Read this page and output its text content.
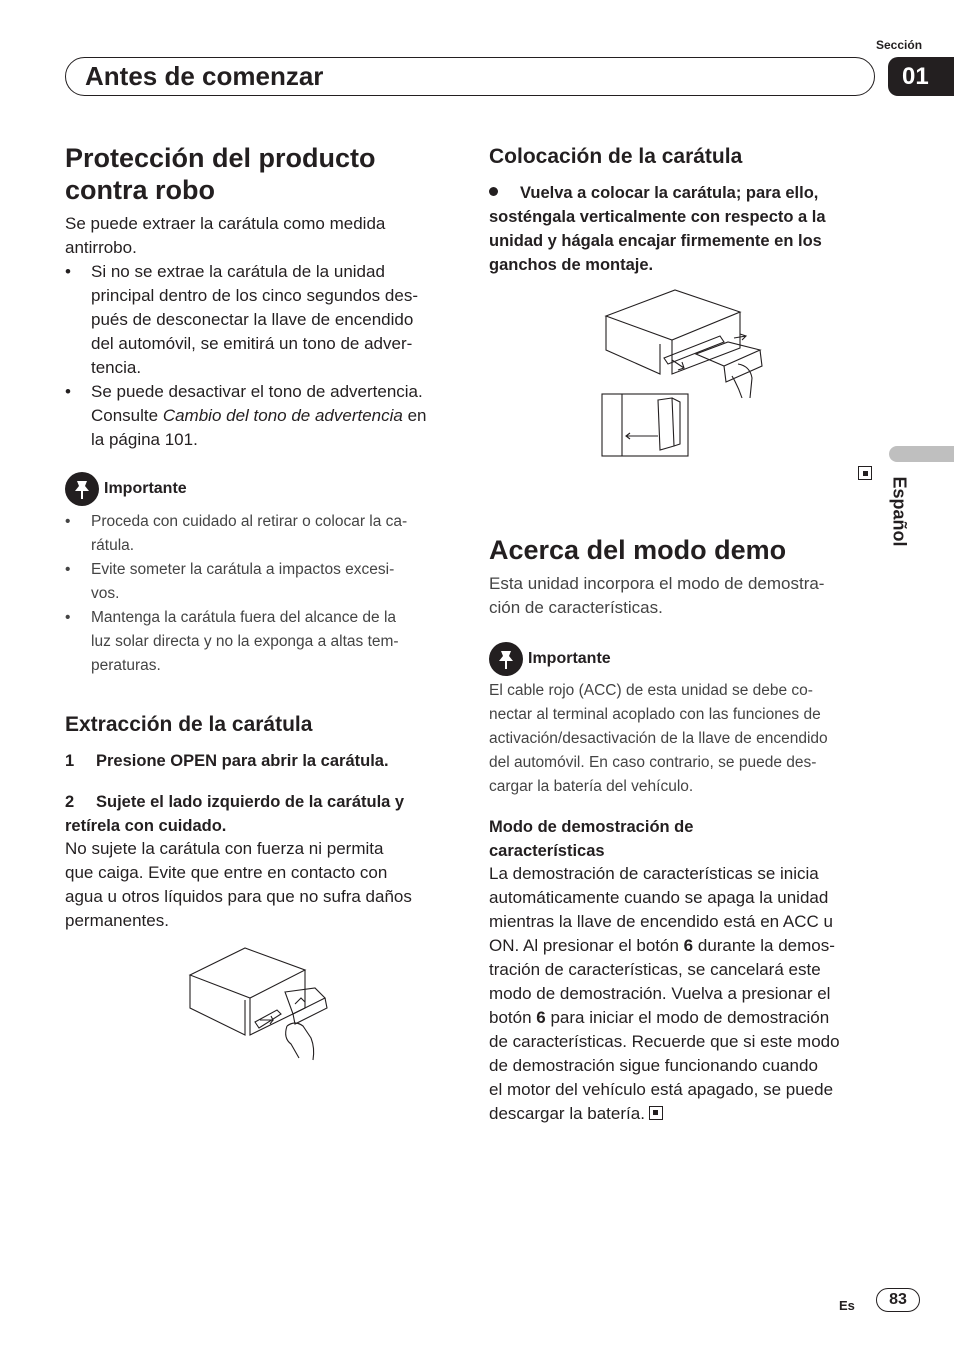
Sección
Antes de comenzar	01
Español
Protección del producto
contra robo
Se puede extraer la carátula como medida
antirrobo.
• Si no se extrae la carátula de la unidad
principal dentro de los cinco segundos des-
pués de desconectar la llave de encendido
del automóvil, se emitirá un tono de adver-
tencia.
• Se puede desactivar el tono de advertencia.
Consulte Cambio del tono de advertencia en
la página 101.
Importante
• Proceda con cuidado al retirar o colocar la ca-
rátula.
• Evite someter la carátula a impactos excesi-
vos.
• Mantenga la carátula fuera del alcance de la
luz solar directa y no la exponga a altas tem-
peraturas.
Extracción de la carátula
1 Presione OPEN para abrir la carátula.
2 Sujete el lado izquierdo de la carátula y
retírela con cuidado.
No sujete la carátula con fuerza ni permita
que caiga. Evite que entre en contacto con
agua u otros líquidos para que no sufra daños
permanentes.
Colocación de la carátula
Vuelva a colocar la carátula; para ello,
sosténgala verticalmente con respecto a la
unidad y hágala encajar firmemente en los
ganchos de montaje.
Acerca del modo demo
Esta unidad incorpora el modo de demostra-
ción de características.
Importante
El cable rojo (ACC) de esta unidad se debe co-
nectar al terminal acoplado con las funciones de
activación/desactivación de la llave de encendido
del automóvil. En caso contrario, se puede des-
cargar la batería del vehículo.
Modo de demostración de
características
La demostración de características se inicia
automáticamente cuando se apaga la unidad
mientras la llave de encendido está en ACC u
ON. Al presionar el botón 6 durante la demos-
tración de características, se cancelará este
modo de demostración. Vuelva a presionar el
botón 6 para iniciar el modo de demostración
de características. Recuerde que si este modo
de demostración sigue funcionando cuando
el motor del vehículo está apagado, se puede
descargar la batería.
Es	83
